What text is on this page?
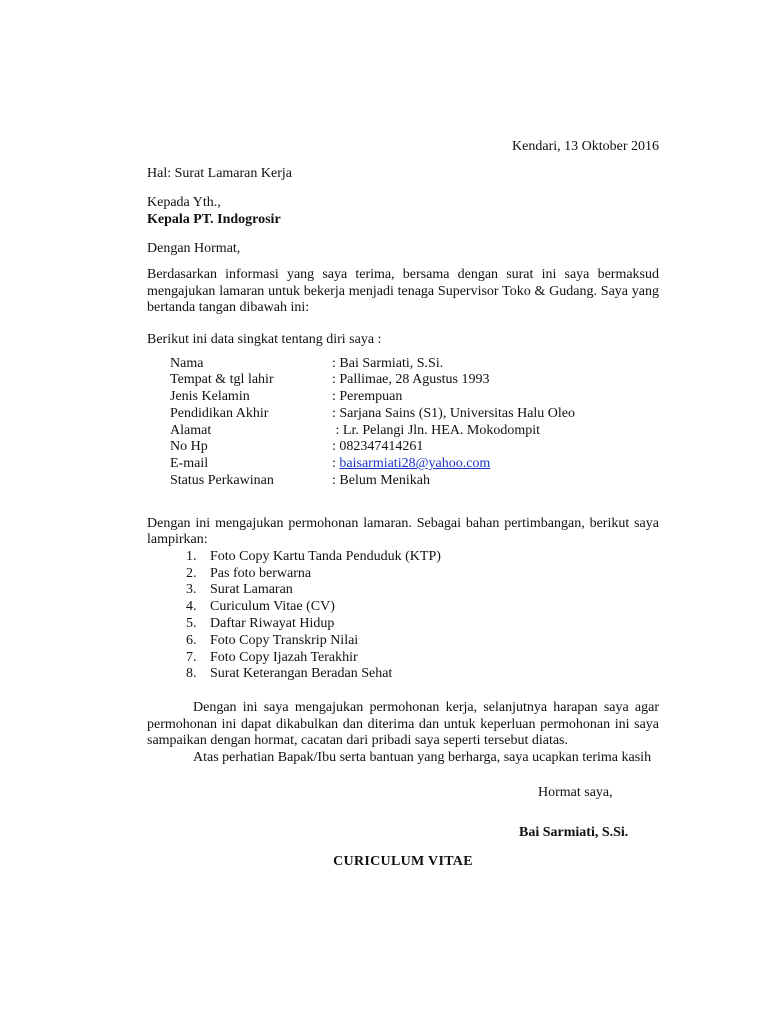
Kendari, 13 Oktober 2016
Hal: Surat Lamaran Kerja
Kepada Yth.,
Kepala PT. Indogrosir
Dengan Hormat,
Berdasarkan informasi yang saya terima, bersama dengan surat ini saya bermaksud mengajukan lamaran untuk bekerja menjadi tenaga Supervisor Toko & Gudang. Saya yang bertanda tangan dibawah ini:
Berikut ini data singkat tentang diri saya :
Nama	: Bai Sarmiati, S.Si.
Tempat & tgl lahir	: Pallimae, 28 Agustus 1993
Jenis Kelamin	: Perempuan
Pendidikan Akhir	: Sarjana Sains (S1), Universitas Halu Oleo
Alamat	: Lr. Pelangi Jln. HEA. Mokodompit
No Hp	: 082347414261
E-mail	: baisarmiati28@yahoo.com
Status Perkawinan	: Belum Menikah
Dengan ini mengajukan permohonan lamaran. Sebagai bahan pertimbangan, berikut saya lampirkan:
1. Foto Copy Kartu Tanda Penduduk (KTP)
2. Pas foto berwarna
3. Surat Lamaran
4. Curiculum Vitae (CV)
5. Daftar Riwayat Hidup
6. Foto Copy Transkrip Nilai
7. Foto Copy Ijazah Terakhir
8. Surat Keterangan Beradan Sehat
Dengan ini saya mengajukan permohonan kerja, selanjutnya harapan saya agar permohonan ini dapat dikabulkan dan diterima dan untuk keperluan permohonan ini saya sampaikan dengan hormat, cacatan dari pribadi saya seperti tersebut diatas.
Atas perhatian Bapak/Ibu serta bantuan yang berharga, saya ucapkan terima kasih
Hormat saya,
Bai Sarmiati, S.Si.
CURICULUM VITAE
